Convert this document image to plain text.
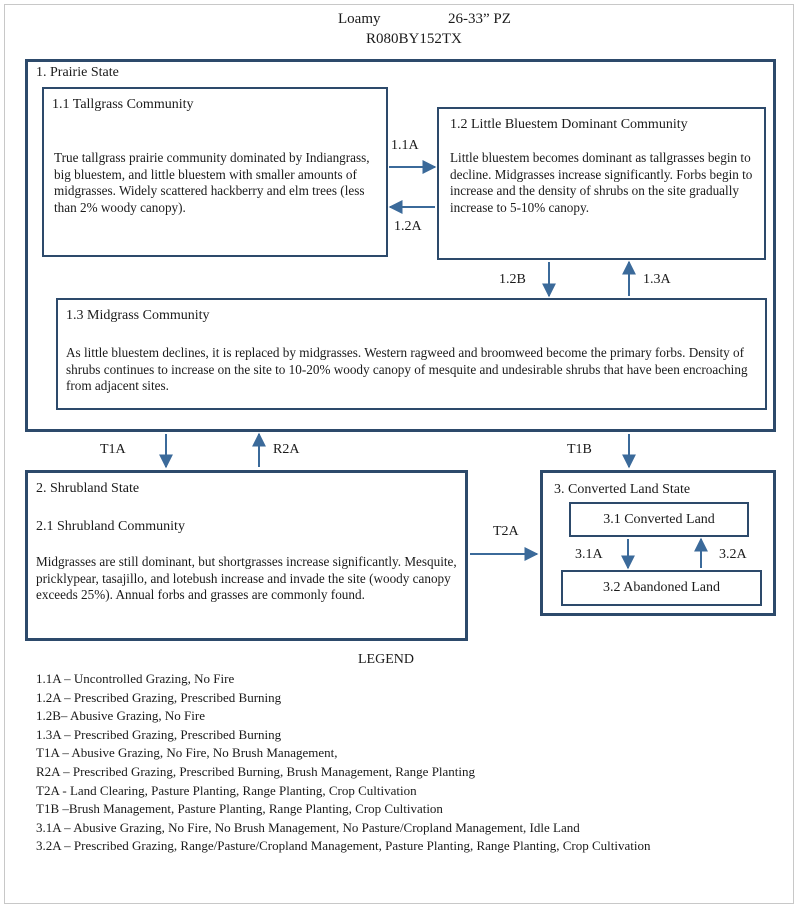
Loamy	26-33” PZ
R080BY152TX
1. Prairie State
1.1 Tallgrass Community
True tallgrass prairie community dominated by Indiangrass, big bluestem, and little bluestem with smaller amounts of midgrasses. Widely scattered hackberry and elm trees (less than 2% woody canopy).
1.2 Little Bluestem Dominant Community
Little bluestem becomes dominant as tallgrasses begin to decline. Midgrasses increase significantly. Forbs begin to increase and the density of shrubs on the site gradually increase to 5-10% canopy.
1.3 Midgrass Community
As little bluestem declines, it is replaced by midgrasses. Western ragweed and broomweed become the primary forbs. Density of shrubs continues to increase on the site to 10-20% woody canopy of mesquite and undesirable shrubs that have been encroaching from adjacent sites.
2. Shrubland State
2.1 Shrubland Community
Midgrasses are still dominant, but shortgrasses increase significantly. Mesquite, pricklypear, tasajillo, and lotebush increase and invade the site (woody canopy exceeds 25%). Annual forbs and grasses are commonly found.
3. Converted Land State
3.1 Converted Land
3.2 Abandoned Land
1.1A
1.2A
1.2B	1.3A
T1A	R2A	T1B
T2A
3.1A	3.2A
LEGEND
1.1A – Uncontrolled Grazing, No Fire
1.2A – Prescribed Grazing, Prescribed Burning
1.2B– Abusive Grazing, No Fire
1.3A – Prescribed Grazing, Prescribed Burning
T1A – Abusive Grazing, No Fire, No Brush Management,
R2A – Prescribed Grazing, Prescribed Burning, Brush Management, Range Planting
T2A - Land Clearing, Pasture Planting, Range Planting, Crop Cultivation
T1B –Brush Management, Pasture Planting, Range Planting, Crop Cultivation
3.1A – Abusive Grazing, No Fire, No Brush Management, No Pasture/Cropland Management, Idle Land
3.2A – Prescribed Grazing, Range/Pasture/Cropland Management, Pasture Planting, Range Planting, Crop Cultivation
